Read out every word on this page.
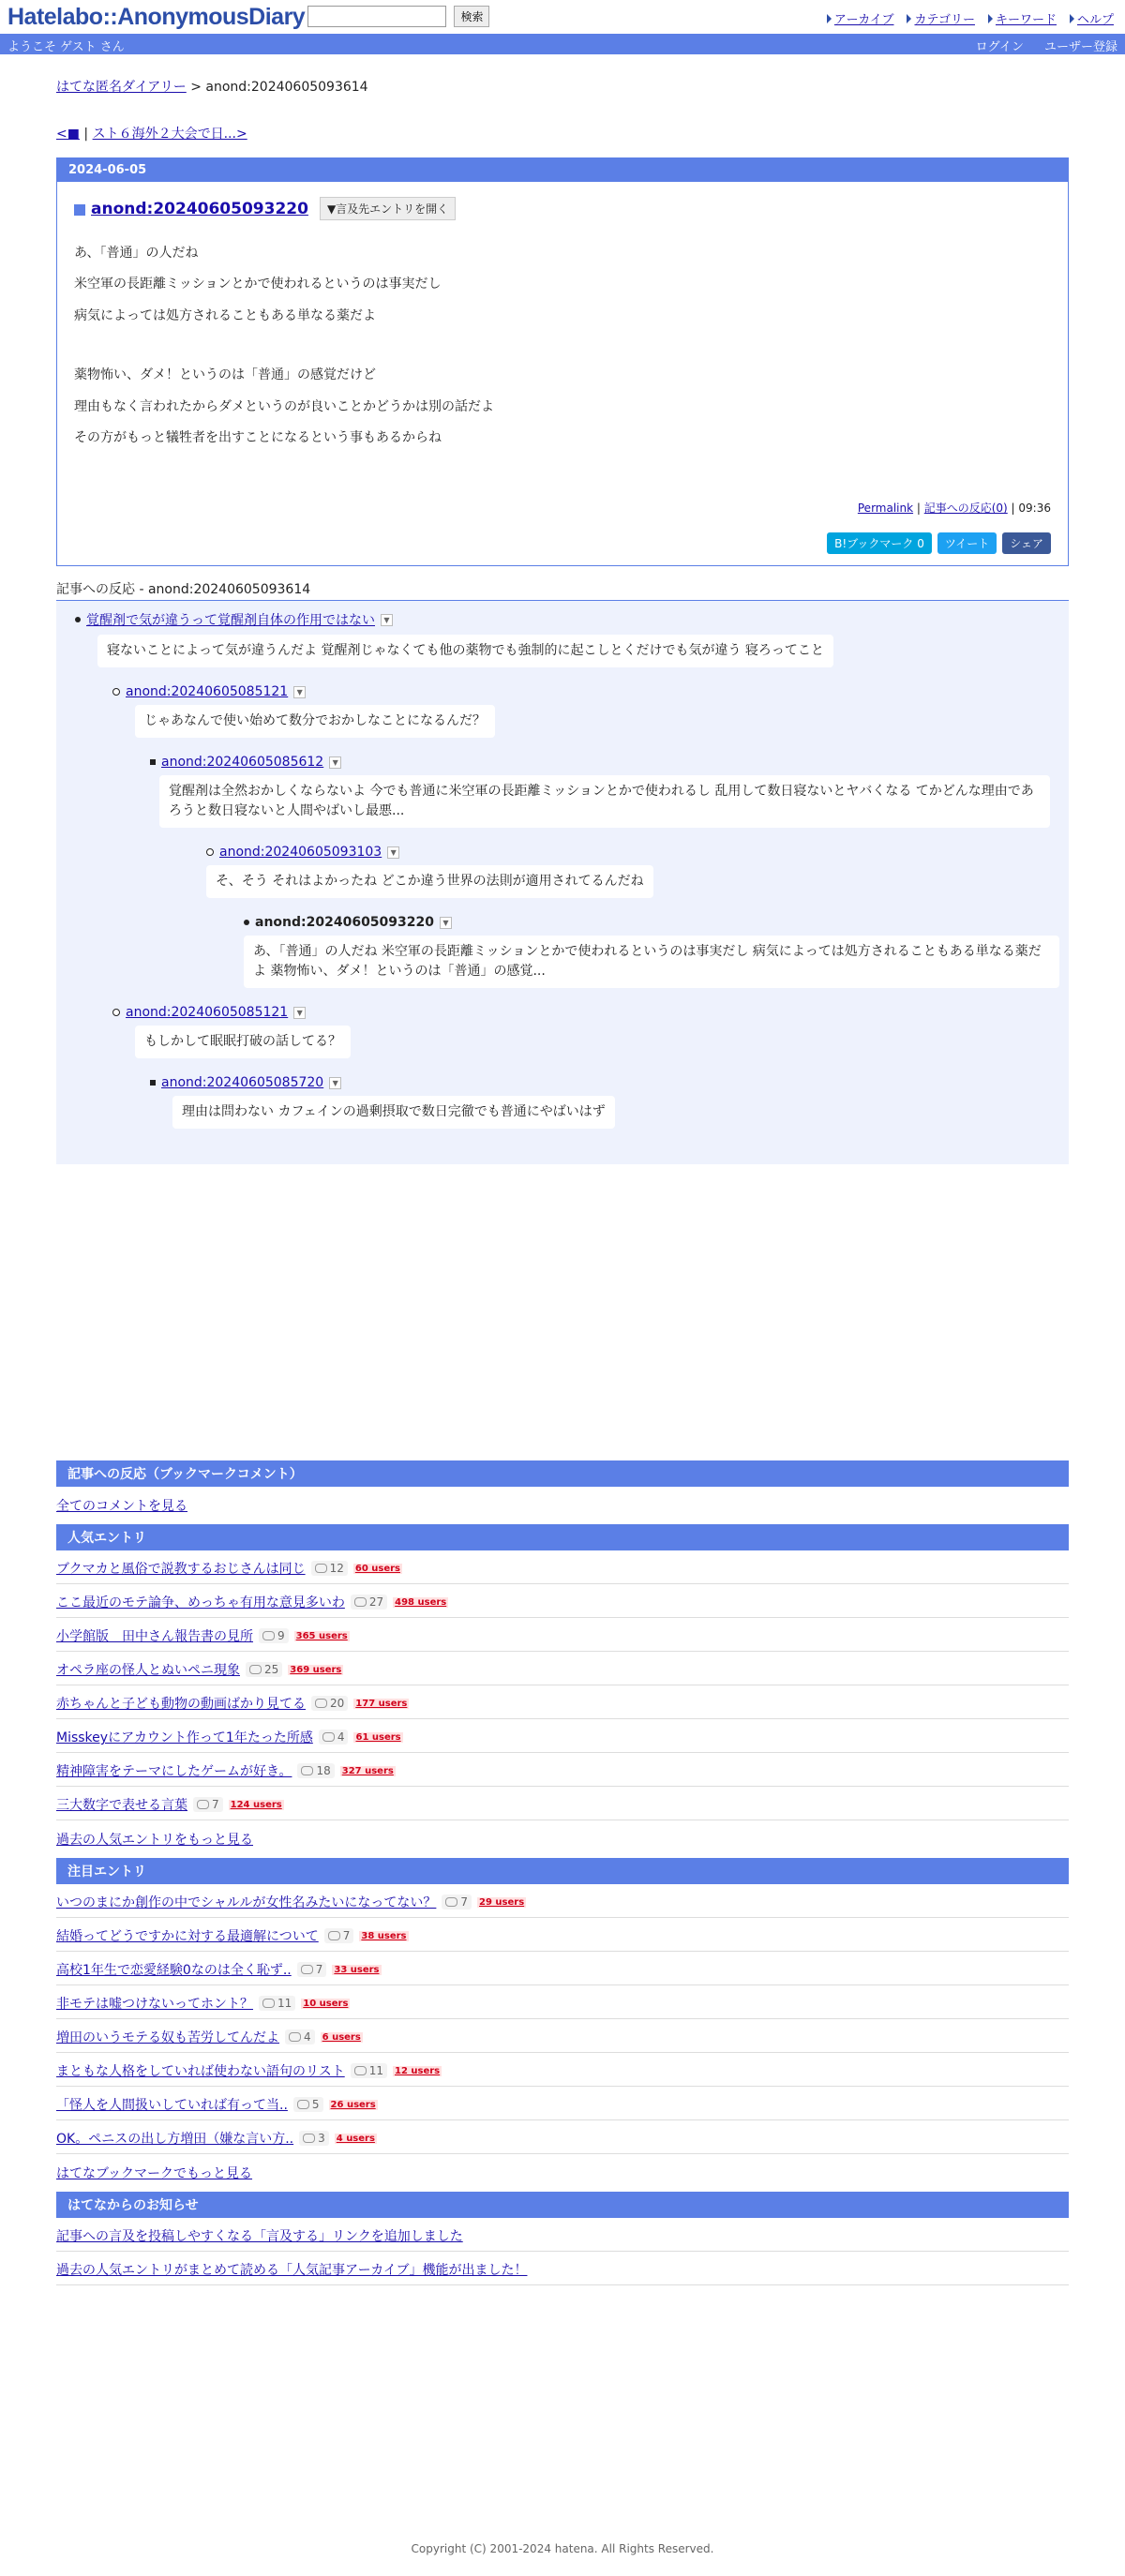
Hatelabo::AnonymousDiary	検索	アーカイブ	カテゴリー	キーワード	ヘルプ
ようこそ ゲスト さん	ログイン ユーザー登録
はてな匿名ダイアリー > anond:20240605093614
<■ | スト６海外２大会で日...>
2024-06-05
anond:20240605093220	▼言及先エントリを開く

あ、「普通」の人だね

米空軍の長距離ミッションとかで使われるというのは事実だし

病気によっては処方されることもある単なる薬だよ

薬物怖い、ダメ！というのは「普通」の感覚だけど

理由もなく言われたからダメというのが良いことかどうかは別の話だよ

その方がもっと犠牲者を出すことになるという事もあるからね

Permalink | 記事への反応(0) | 09:36
B!ブックマーク 0	ツイート	シェア
記事への反応 - anond:20240605093614
覚醒剤で気が違うって覚醒剤自体の作用ではない	▼
寝ないことによって気が違うんだよ 覚醒剤じゃなくても他の薬物でも強制的に起こしとくだけでも気が違う 寝ろってこと
anond:20240605085121	▼
じゃあなんで使い始めて数分でおかしなことになるんだ？
anond:20240605085612	▼
覚醒剤は全然おかしくならないよ 今でも普通に米空軍の長距離ミッションとかで使われるし 乱用して数日寝ないとヤバくなる てかどんな理由であろうと数日寝ないと人間やばいし最悪...
anond:20240605093103	▼
そ、そう それはよかったね どこか違う世界の法則が適用されてるんだね
anond:20240605093220	▼
あ、「普通」の人だね 米空軍の長距離ミッションとかで使われるというのは事実だし 病気によっては処方されることもある単なる薬だよ 薬物怖い、ダメ！というのは「普通」の感覚...
anond:20240605085121	▼
もしかして眠眠打破の話してる？
anond:20240605085720	▼
理由は問わない カフェインの過剰摂取で数日完徹でも普通にやばいはず
記事への反応（ブックマークコメント）
全てのコメントを見る
人気エントリ
ブクマカと風俗で説教するおじさんは同じ 12 60 users
ここ最近のモテ論争、めっちゃ有用な意見多いわ 27 498 users
小学館版　田中さん報告書の見所 9 365 users
オペラ座の怪人とぬいペニ現象 25 369 users
赤ちゃんと子ども動物の動画ばかり見てる 20 177 users
Misskeyにアカウント作って1年たった所感 4 61 users
精神障害をテーマにしたゲームが好き。 18 327 users
三大数字で表せる言葉 7 124 users
過去の人気エントリをもっと見る
注目エントリ
いつのまにか創作の中でシャルルが女性名みたいになってない？ 7 29 users
結婚ってどうですかに対する最適解について 7 38 users
高校1年生で恋愛経験0なのは全く恥ず.. 7 33 users
非モテは嘘つけないってホント？ 11 10 users
増田のいうモテる奴も苦労してんだよ 4 6 users
まともな人格をしていれば使わない語句のリスト 11 12 users
「怪人を人間扱いしていれば有って当.. 5 26 users
OK。ペニスの出し方増田（嫌な言い方.. 3 4 users
はてなブックマークでもっと見る
はてなからのお知らせ
記事への言及を投稿しやすくなる「言及する」リンクを追加しました
過去の人気エントリがまとめて読める「人気記事アーカイブ」機能が出ました！
Copyright (C) 2001-2024 hatena. All Rights Reserved.
